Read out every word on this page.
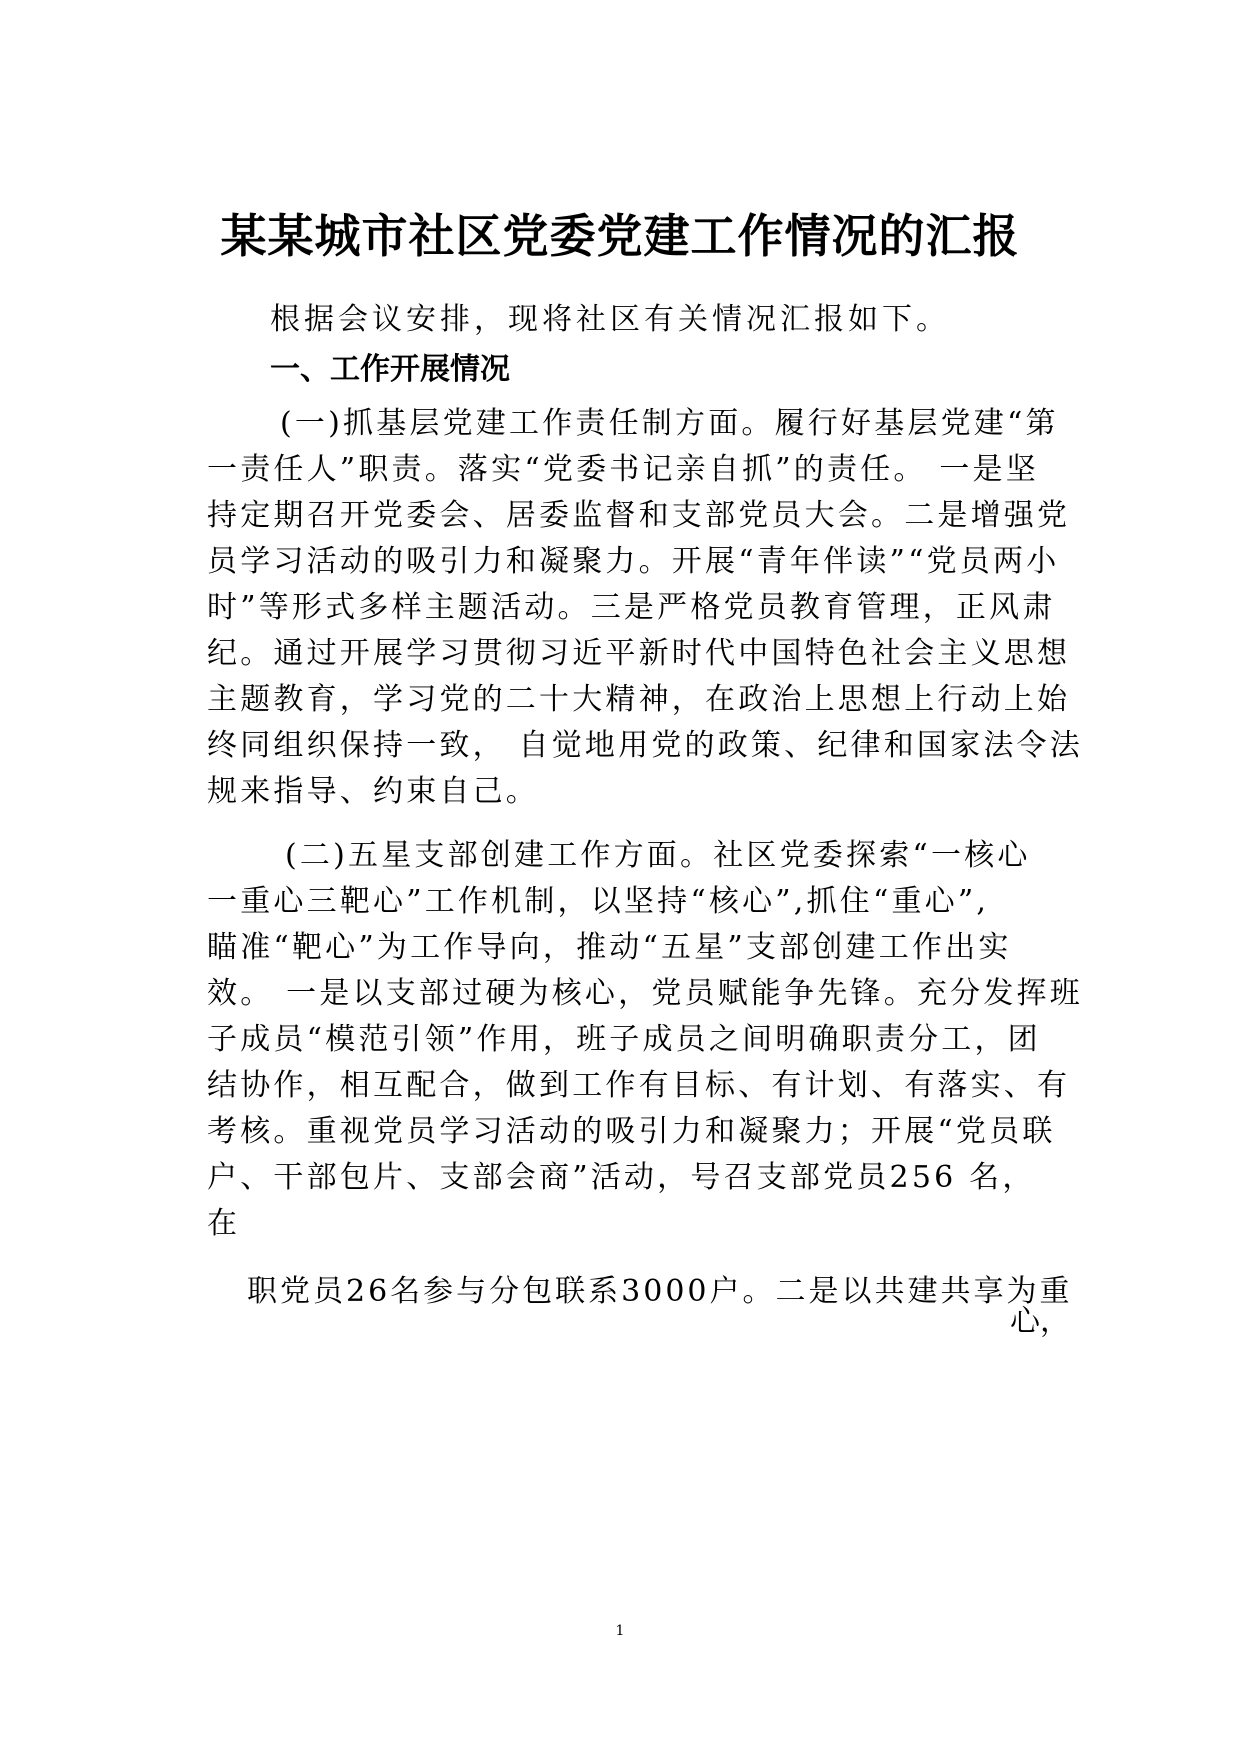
某某城市社区党委党建工作情况的汇报
根据会议安排，现将社区有关情况汇报如下。
一、工作开展情况
(一)抓基层党建工作责任制方面。履行好基层党建“第
一责任人”职责。落实“党委书记亲自抓”的责任。 一是坚
持定期召开党委会、居委监督和支部党员大会。二是增强党
员学习活动的吸引力和凝聚力。开展“青年伴读”“党员两小
时”等形式多样主题活动。三是严格党员教育管理，正风肃
纪。通过开展学习贯彻习近平新时代中国特色社会主义思想
主题教育，学习党的二十大精神，在政治上思想上行动上始
终同组织保持一致， 自觉地用党的政策、纪律和国家法令法
规来指导、约束自己。
(二)五星支部创建工作方面。社区党委探索“一核心
一重心三靶心”工作机制，以坚持“核心”,抓住“重心”,
瞄准“靶心”为工作导向，推动“五星”支部创建工作出实
效。 一是以支部过硬为核心，党员赋能争先锋。充分发挥班
子成员“模范引领”作用，班子成员之间明确职责分工，团
结协作，相互配合，做到工作有目标、有计划、有落实、有
考核。重视党员学习活动的吸引力和凝聚力；开展“党员联
户、干部包片、支部会商”活动，号召支部党员256 名，
在
职党员26名参与分包联系3000户。二是以共建共享为重
心，
1
